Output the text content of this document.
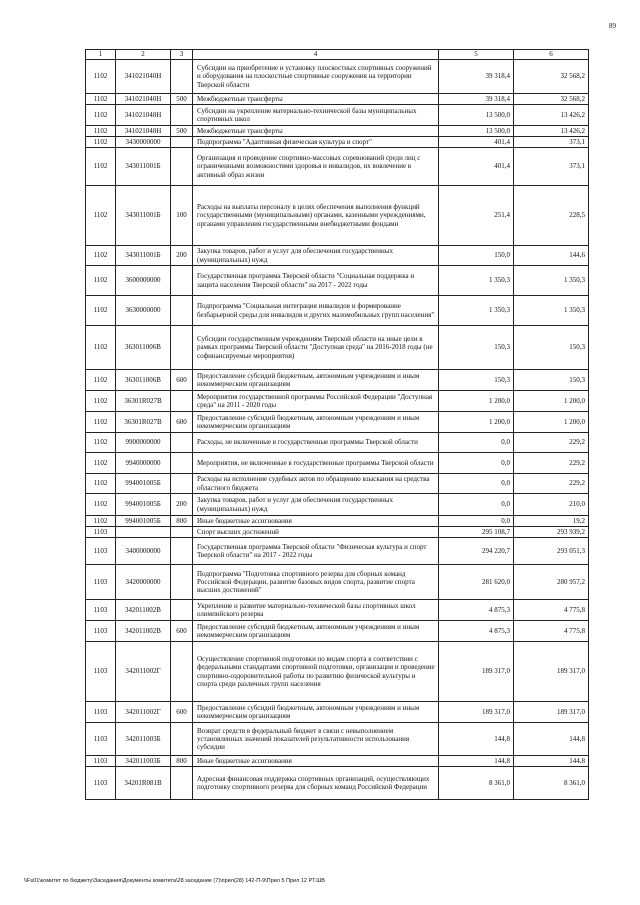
89
1	2	3	4	5	6
1102	341021040Н		Субсидии на приобретение и установку плоскостных спортивных сооружений и оборудования на плоскостные спортивные сооружения на территории Тверской области	39 318,4	32 568,2
1102	341021040Н	500	Межбюджетные трансферты	39 318,4	32 568,2
1102	341021048Н		Субсидии на укрепление материально-технической базы муниципальных спортивных школ	13 500,0	13 426,2
1102	341021048Н	500	Межбюджетные трансферты	13 500,0	13 426,2
1102	3430000000		Подпрограмма "Адаптивная физическая культура и спорт"	401,4	373,1
1102	343011001Б		Организация и проведение спортивно-массовых соревнований среди лиц с ограниченными возможностями здоровья и инвалидов, их вовлечение в активный образ жизни	401,4	373,1
1102	343011001Б	100	Расходы на выплаты персоналу в целях обеспечения выполнения функций государственными (муниципальными) органами, казенными учреждениями, органами управления государственными внебюджетными фондами	251,4	228,5
1102	343011001Б	200	Закупка товаров, работ и услуг для обеспечения государственных (муниципальных) нужд	150,0	144,6
1102	3600000000		Государственная программа Тверской области "Социальная поддержка и защита населения Тверской области" на 2017 - 2022 годы	1 350,3	1 350,3
1102	3630000000		Подпрограмма "Социальная интеграция инвалидов и формирование безбарьерной среды для инвалидов и других маломобильных групп населения"	1 350,3	1 350,3
1102	363011006В		Субсидии государственным учреждениям Тверской области на иные цели в рамках программы Тверской области "Доступная среда" на 2016-2018 годы (не софинансируемые мероприятия)	150,3	150,3
1102	363011006В	600	Предоставление субсидий бюджетным, автономным учреждениям и иным некоммерческим организациям	150,3	150,3
1102	36301R027В		Мероприятия государственной программы Российской Федерации "Доступная среда" на 2011 - 2020 годы	1 200,0	1 200,0
1102	36301R027В	600	Предоставление субсидий бюджетным, автономным учреждениям и иным некоммерческим организациям	1 200,0	1 200,0
1102	9900000000		Расходы, не включенные в государственные программы Тверской области	0,0	229,2
1102	9940000000		Мероприятия, не включенные в государственные программы Тверской области	0,0	229,2
1102	994001005Б		Расходы на исполнение судебных актов по обращению взыскания на средства областного бюджета	0,0	229,2
1102	994001005Б	200	Закупка товаров, работ и услуг для обеспечения государственных (муниципальных) нужд	0,0	210,0
1102	994001005Б	800	Иные бюджетные ассигнования	0,0	19,2
1103			Спорт высших достижений	295 108,7	293 939,2
1103	3400000000		Государственная программа Тверской области "Физическая культура и спорт Тверской области" на 2017 - 2022 годы	294 220,7	293 051,3
1103	3420000000		Подпрограмма "Подготовка спортивного резерва для сборных команд Российской Федерации, развитие базовых видов спорта, развитие спорта высших достижений"	281 620,0	280 957,2
1103	342011002В		Укрепление и развитие материально-технической базы спортивных школ олимпийского резерва	4 875,3	4 775,8
1103	342011002В	600	Предоставление субсидий бюджетным, автономным учреждениям и иным некоммерческим организациям	4 875,3	4 775,8
1103	342011002Г		Осуществление спортивной подготовки по видам спорта в соответствии с федеральными стандартами спортивной подготовки, организация и проведение спортивно-оздоровительной работы по развитию физической культуры и спорта среди различных групп населения	189 317,0	189 317,0
1103	342011002Г	600	Предоставление субсидий бюджетным, автономным учреждениям и иным некоммерческим организациям	189 317,0	189 317,0
1103	342011003Б		Возврат средств в федеральный бюджет в связи с невыполнением установленных значений показателей результативности использования субсидии	144,8	144,8
1103	342011003Б	800	Иные бюджетные ассигнования	144,8	144,8
1103	34201R081В		Адресная финансовая поддержка спортивных организаций, осуществляющих подготовку спортивного резерва для сборных команд Российской Федерации	8 361,0	8 361,0
\\Fs01\комитет по бюджету\Заседания\Документы комитета\28 заседание (7)\прил(28) 142-П-9\Прил 5 Прил 12 РТ.ШВ
